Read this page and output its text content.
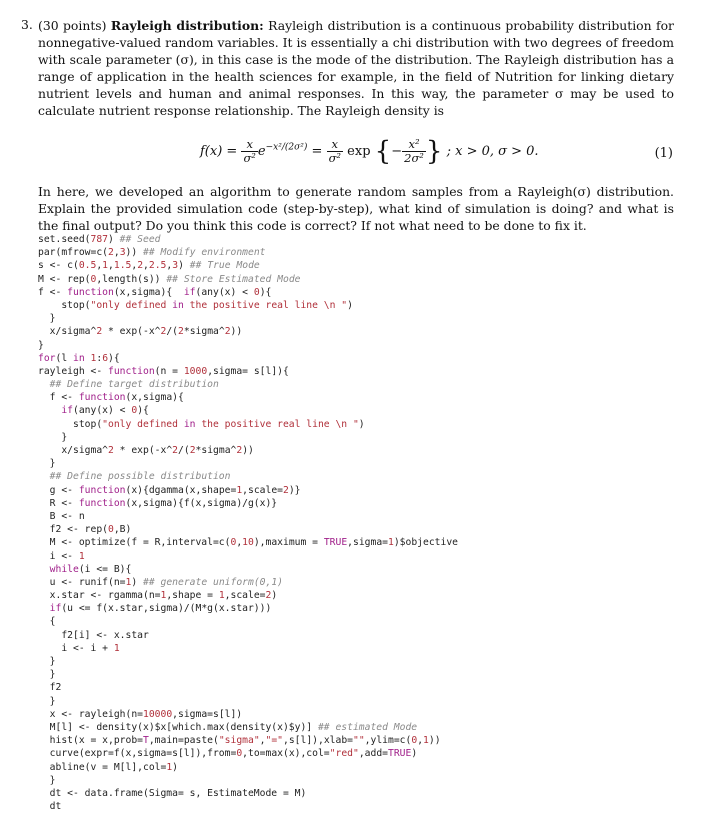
3. (30 points) Rayleigh distribution: Rayleigh distribution is a continuous probability distribution for nonnegative-valued random variables. It is essentially a chi distribution with two degrees of freedom with scale parameter (σ), in this case is the mode of the distribution. The Rayleigh distribution has a range of application in the health sciences for example, in the field of Nutrition for linking dietary nutrient levels and human and animal responses. In this way, the parameter σ may be used to calculate nutrient response relationship. The Rayleigh density is

$f(x) = \frac{x}{\text{σ²}} e^{-x^2/(2\sigma^2)} = \frac{x}{\text{σ²}}$ exp {− $\frac{\text{x²}}{\text{2σ²}}$ } ; x > 0, σ > 0.	(1)

In here, we developed an algorithm to generate random samples from a Rayleigh(σ) distribution. Explain the provided simulation code (step-by-step), what kind of simulation is doing? and what is the final output? Do you think this code is correct? If not what need to be done to fix it.

set.seed(787) ## Seed
par(mfrow=c(2,3)) ## Modify environment
s <- c(0.5,1,1.5,2,2.5,3) ## True Mode
M <- rep(0,length(s)) ## Store Estimated Mode
f <- function(x,sigma){  if(any(x) < 0){
stop("only defined in the positive real line \n ")
}
x/sigma^2 * exp(-x^2/(2*sigma^2))
}
for(l in 1:6){
rayleigh <- function(n = 1000,sigma= s[l]){
## Define target distribution
f <- function(x,sigma){
if(any(x) < 0){
stop("only defined in the positive real line \n ")
}
x/sigma^2 * exp(-x^2/(2*sigma^2))
}
## Define possible distribution
g <- function(x){dgamma(x,shape=1,scale=2)}
R <- function(x,sigma){f(x,sigma)/g(x)}
B <- n
f2 <- rep(0,B)
M <- optimize(f = R,interval=c(0,10),maximum = TRUE,sigma=1)$objective
i <- 1
while(i <= B){
u <- runif(n=1) ## generate uniform(0,1)
x.star <- rgamma(n=1,shape = 1,scale=2)
if(u <= f(x.star,sigma)/(M*g(x.star)))
{
f2[i] <- x.star
i <- i + 1
}
}
f2
}
x <- rayleigh(n=10000,sigma=s[l])
M[l] <- density(x)$x[which.max(density(x)$y)] ## estimated Mode
hist(x = x,prob=T,main=paste("sigma","=",s[l]),xlab="",ylim=c(0,1))
curve(expr=f(x,sigma=s[l]),from=0,to=max(x),col="red",add=TRUE)
abline(v = M[l],col=1)
}
dt <- data.frame(Sigma= s, EstimateMode = M)
dt
